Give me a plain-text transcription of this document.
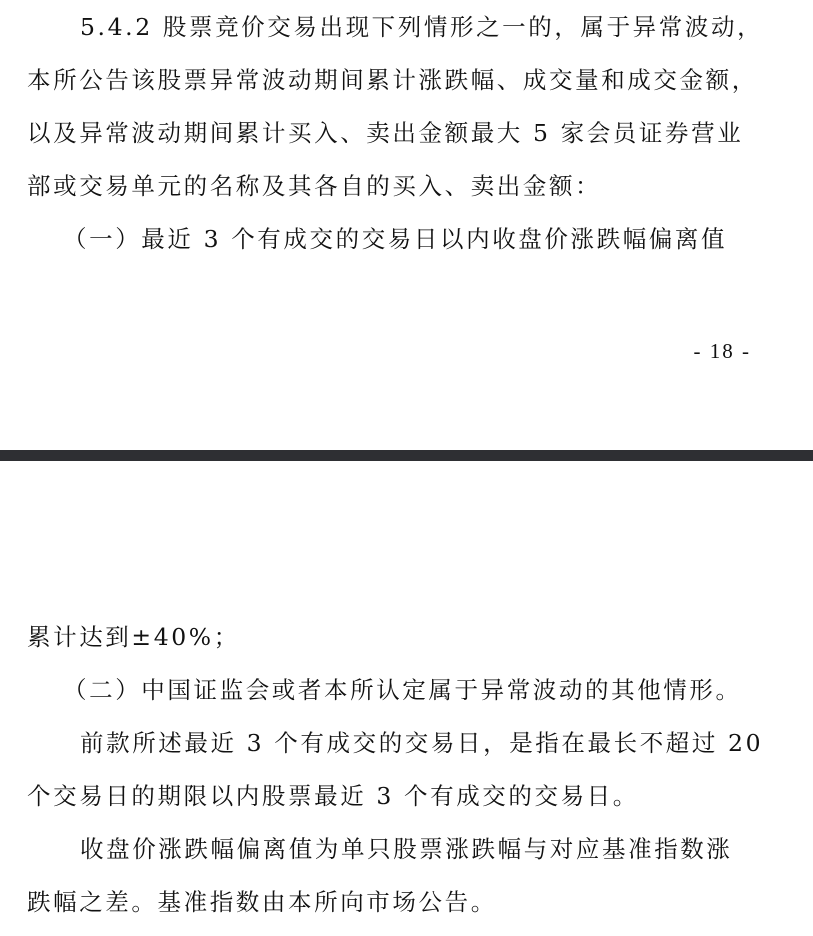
5.4.2 股票竞价交易出现下列情形之一的，属于异常波动，
本所公告该股票异常波动期间累计涨跌幅、成交量和成交金额，
以及异常波动期间累计买入、卖出金额最大 5 家会员证券营业
部或交易单元的名称及其各自的买入、卖出金额：
（一）最近 3 个有成交的交易日以内收盘价涨跌幅偏离值
- 18 -
累计达到±40%；
（二）中国证监会或者本所认定属于异常波动的其他情形。
前款所述最近 3 个有成交的交易日，是指在最长不超过 20
个交易日的期限以内股票最近 3 个有成交的交易日。
收盘价涨跌幅偏离值为单只股票涨跌幅与对应基准指数涨
跌幅之差。基准指数由本所向市场公告。
